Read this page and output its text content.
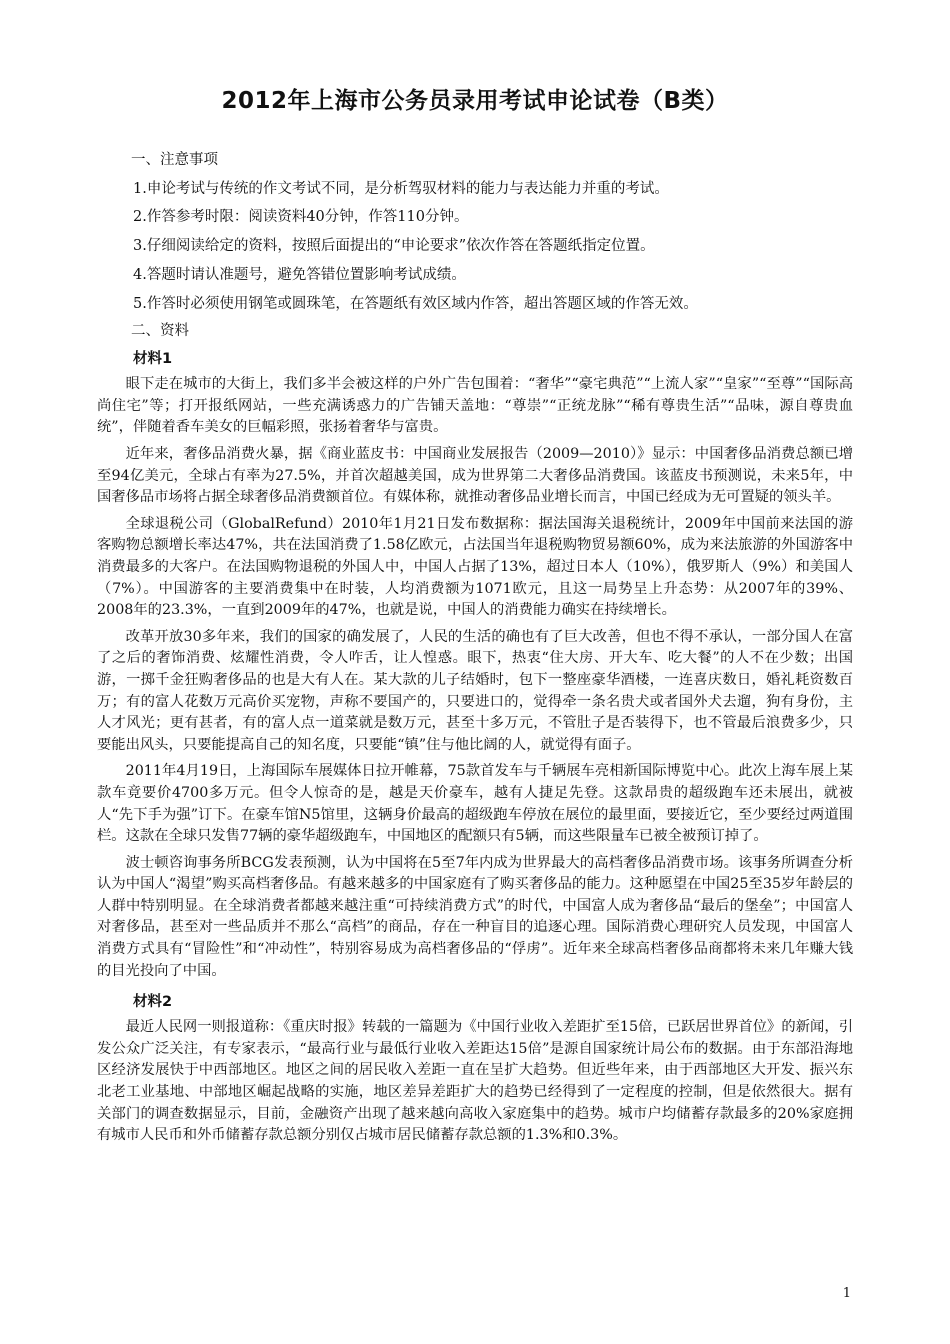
2012年上海市公务员录用考试申论试卷（B类）

一、注意事项

1.申论考试与传统的作文考试不同，是分析驾驭材料的能力与表达能力并重的考试。

2.作答参考时限：阅读资料40分钟，作答110分钟。

3.仔细阅读给定的资料，按照后面提出的“申论要求”依次作答在答题纸指定位置。

4.答题时请认准题号，避免答错位置影响考试成绩。

5.作答时必须使用钢笔或圆珠笔，在答题纸有效区域内作答，超出答题区域的作答无效。

二、资料

材料1

眼下走在城市的大街上，我们多半会被这样的户外广告包围着：“奢华”“豪宅典范”“上流人家”“皇家”“至尊”“国际高尚住宅”等；打开报纸网站，一些充满诱惑力的广告铺天盖地：“尊崇”“正统龙脉”“稀有尊贵生活”“品味，源自尊贵血统”，伴随着香车美女的巨幅彩照，张扬着奢华与富贵。

近年来，奢侈品消费火暴，据《商业蓝皮书：中国商业发展报告（2009—2010）》显示：中国奢侈品消费总额已增至94亿美元，全球占有率为27.5%，并首次超越美国，成为世界第二大奢侈品消费国。该蓝皮书预测说，未来5年，中国奢侈品市场将占据全球奢侈品消费额首位。有媒体称，就推动奢侈品业增长而言，中国已经成为无可置疑的领头羊。

全球退税公司（GlobalRefund）2010年1月21日发布数据称：据法国海关退税统计，2009年中国前来法国的游客购物总额增长率达47%，共在法国消费了1.58亿欧元，占法国当年退税购物贸易额60%，成为来法旅游的外国游客中消费最多的大客户。在法国购物退税的外国人中，中国人占据了13%，超过日本人（10%），俄罗斯人（9%）和美国人（7%）。中国游客的主要消费集中在时装，人均消费额为1071欧元，且这一局势呈上升态势：从2007年的39%、2008年的23.3%，一直到2009年的47%，也就是说，中国人的消费能力确实在持续增长。

改革开放30多年来，我们的国家的确发展了，人民的生活的确也有了巨大改善，但也不得不承认，一部分国人在富了之后的奢饰消费、炫耀性消费，令人咋舌，让人惶惑。眼下，热衷“住大房、开大车、吃大餐”的人不在少数；出国游，一掷千金狂购奢侈品的也是大有人在。某大款的儿子结婚时，包下一整座豪华酒楼，一连喜庆数日，婚礼耗资数百万；有的富人花数万元高价买宠物，声称不要国产的，只要进口的，觉得牵一条名贵犬或者国外犬去遛，狗有身份，主人才风光；更有甚者，有的富人点一道菜就是数万元，甚至十多万元，不管肚子是否装得下，也不管最后浪费多少，只要能出风头，只要能提高自己的知名度，只要能“镇”住与他比阔的人，就觉得有面子。

2011年4月19日，上海国际车展媒体日拉开帷幕，75款首发车与千辆展车亮相新国际博览中心。此次上海车展上某款车竟要价4700多万元。但令人惊奇的是，越是天价豪车，越有人捷足先登。这款昂贵的超级跑车还未展出，就被人“先下手为强”订下。在豪车馆N5馆里，这辆身价最高的超级跑车停放在展位的最里面，要接近它，至少要经过两道围栏。这款在全球只发售77辆的豪华超级跑车，中国地区的配额只有5辆，而这些限量车已被全被预订掉了。

波士顿咨询事务所BCG发表预测，认为中国将在5至7年内成为世界最大的高档奢侈品消费市场。该事务所调查分析认为中国人“渴望”购买高档奢侈品。有越来越多的中国家庭有了购买奢侈品的能力。这种愿望在中国25至35岁年龄层的人群中特别明显。在全球消费者都越来越注重“可持续消费方式”的时代，中国富人成为奢侈品“最后的堡垒”；中国富人对奢侈品，甚至对一些品质并不那么“高档”的商品，存在一种盲目的追逐心理。国际消费心理研究人员发现，中国富人消费方式具有“冒险性”和“冲动性”，特别容易成为高档奢侈品的“俘虏”。近年来全球高档奢侈品商都将未来几年赚大钱的目光投向了中国。

材料2

最近人民网一则报道称：《重庆时报》转载的一篇题为《中国行业收入差距扩至15倍，已跃居世界首位》的新闻，引发公众广泛关注，有专家表示，“最高行业与最低行业收入差距达15倍”是源自国家统计局公布的数据。由于东部沿海地区经济发展快于中西部地区。地区之间的居民收入差距一直在呈扩大趋势。但近些年来，由于西部地区大开发、振兴东北老工业基地、中部地区崛起战略的实施，地区差异差距扩大的趋势已经得到了一定程度的控制，但是依然很大。据有关部门的调查数据显示，目前，金融资产出现了越来越向高收入家庭集中的趋势。城市户均储蓄存款最多的20%家庭拥有城市人民币和外币储蓄存款总额分别仅占城市居民储蓄存款总额的1.3%和0.3%。

1
